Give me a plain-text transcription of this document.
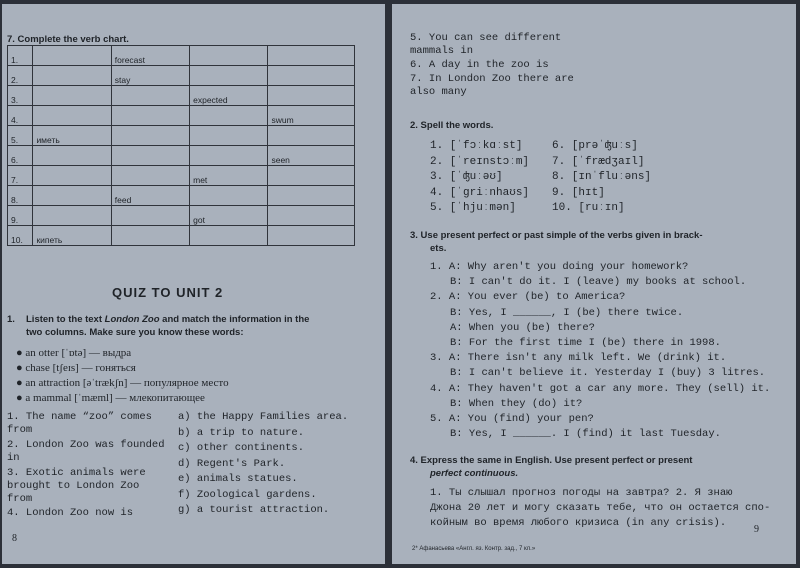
7. Complete the verb chart.
1.		forecast		
2.		stay		
3.			expected	
4.				swum
5.	иметь			
6.				seen
7.			met	
8.		feed		
9.			got	
10.	кипеть			
QUIZ TO UNIT 2
1. Listen to the text London Zoo and match the information in the
two columns. Make sure you know these words:
● an otter [ˈɒtə] — выдра
● chase [tʃeɪs] — гоняться
● an attraction [əˈtrækʃn] — популярное место
● a mammal [ˈmæml] — млекопитающее
1. The name “zoo” comes from
2. London Zoo was founded in
3. Exotic animals were brought to London Zoo from
4. London Zoo now is
a) the Happy Families area.
b) a trip to nature.
c) other continents.
d) Regent's Park.
e) animals statues.
f) Zoological gardens.
g) a tourist attraction.
8
5. You can see different mammals in
6. A day in the zoo is
7. In London Zoo there are also many
2. Spell the words.
1. [ˈfɔːkɑːst]
2. [ˈreɪnstɔːm]
3. [ˈʤuːəʊ]
4. [ˈgriːnhaʊs]
5. [ˈhjuːmən]
6. [prəˈʤuːs]
7. [ˈfrædʒaɪl]
8. [ɪnˈfluːəns]
9. [hɪt]
10. [ruːɪn]
3. Use present perfect or past simple of the verbs given in brack-
ets.
1. A: Why aren't you doing your homework?
B: I can't do it. I (leave) my books at school.
2. A: You ever (be) to America?
B: Yes, I ______, I (be) there twice.
A: When you (be) there?
B: For the first time I (be) there in 1998.
3. A: There isn't any milk left. We (drink) it.
B: I can't believe it. Yesterday I (buy) 3 litres.
4. A: They haven't got a car any more. They (sell) it.
B: When they (do) it?
5. A: You (find) your pen?
B: Yes, I ______. I (find) it last Tuesday.
4. Express the same in English. Use present perfect or present
perfect continuous.
1. Ты слышал прогноз погоды на завтра? 2. Я знаю
Джона 20 лет и могу сказать тебе, что он остается спо-
койным во время любого кризиса (in any crisis).
2* Афанасьева «Англ. яз. Контр. зад., 7 кл.»
9
